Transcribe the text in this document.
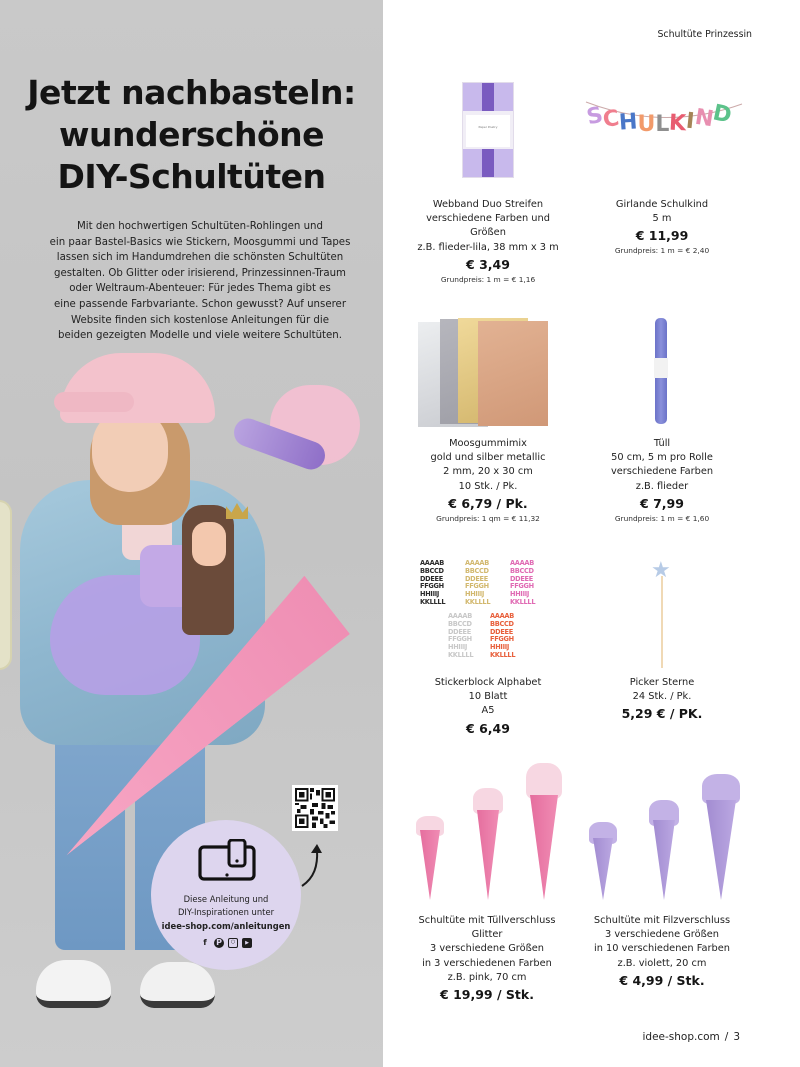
Jetzt nachbasteln:
wunderschöne
DIY-Schultüten

Mit den hochwertigen Schultüten-Rohlingen und
ein paar Bastel-Basics wie Stickern, Moosgummi und Tapes
lassen sich im Handumdrehen die schönsten Schultüten
gestalten. Ob Glitter oder irisierend, Prinzessinnen-Traum
oder Weltraum-Abenteuer: Für jedes Thema gibt es
eine passende Farbvariante. Schon gewusst? Auf unserer
Website finden sich kostenlose Anleitungen für die
beiden gezeigten Modelle und viele weitere Schultüten.

Diese Anleitung und
DIY-Inspirationen unter
idee-shop.com/anleitungen
f	P	○	▶
Schultüte Prinzessin
Paper Poetry	SCHULKIND
AAAAB BBCCD DDEEE FFGGH HHIIIJ KKLLLL
AAAAB BBCCD DDEEE FFGGH HHIIIJ KKLLLL
AAAAB BBCCD DDEEE FFGGH HHIIIJ KKLLLL
AAAAB BBCCD DDEEE FFGGH HHIIIJ KKLLLL
AAAAB BBCCD DDEEE FFGGH HHIIIJ KKLLLL
★
Webband Duo Streifen
verschiedene Farben und
Größen
z.B. flieder-lila, 38 mm x 3 m
€ 3,49
Grundpreis: 1 m = € 1,16
Girlande Schulkind
5 m
€ 11,99
Grundpreis: 1 m = € 2,40
Moosgummimix
gold und silber metallic
2 mm, 20 x 30 cm
10 Stk. / Pk.
€ 6,79 / Pk.
Grundpreis: 1 qm = € 11,32
Tüll
50 cm, 5 m pro Rolle
verschiedene Farben
z.B. flieder
€ 7,99
Grundpreis: 1 m = € 1,60
Stickerblock Alphabet
10 Blatt
A5
€ 6,49
Picker Sterne
24 Stk. / Pk.
5,29 € / PK.
Schultüte mit Tüllverschluss
Glitter
3 verschiedene Größen
in 3 verschiedenen Farben
z.B. pink, 70 cm
€ 19,99 / Stk.
Schultüte mit Filzverschluss
3 verschiedene Größen
in 10 verschiedenen Farben
z.B. violett, 20 cm
€ 4,99 / Stk.
idee-shop.com / 3
